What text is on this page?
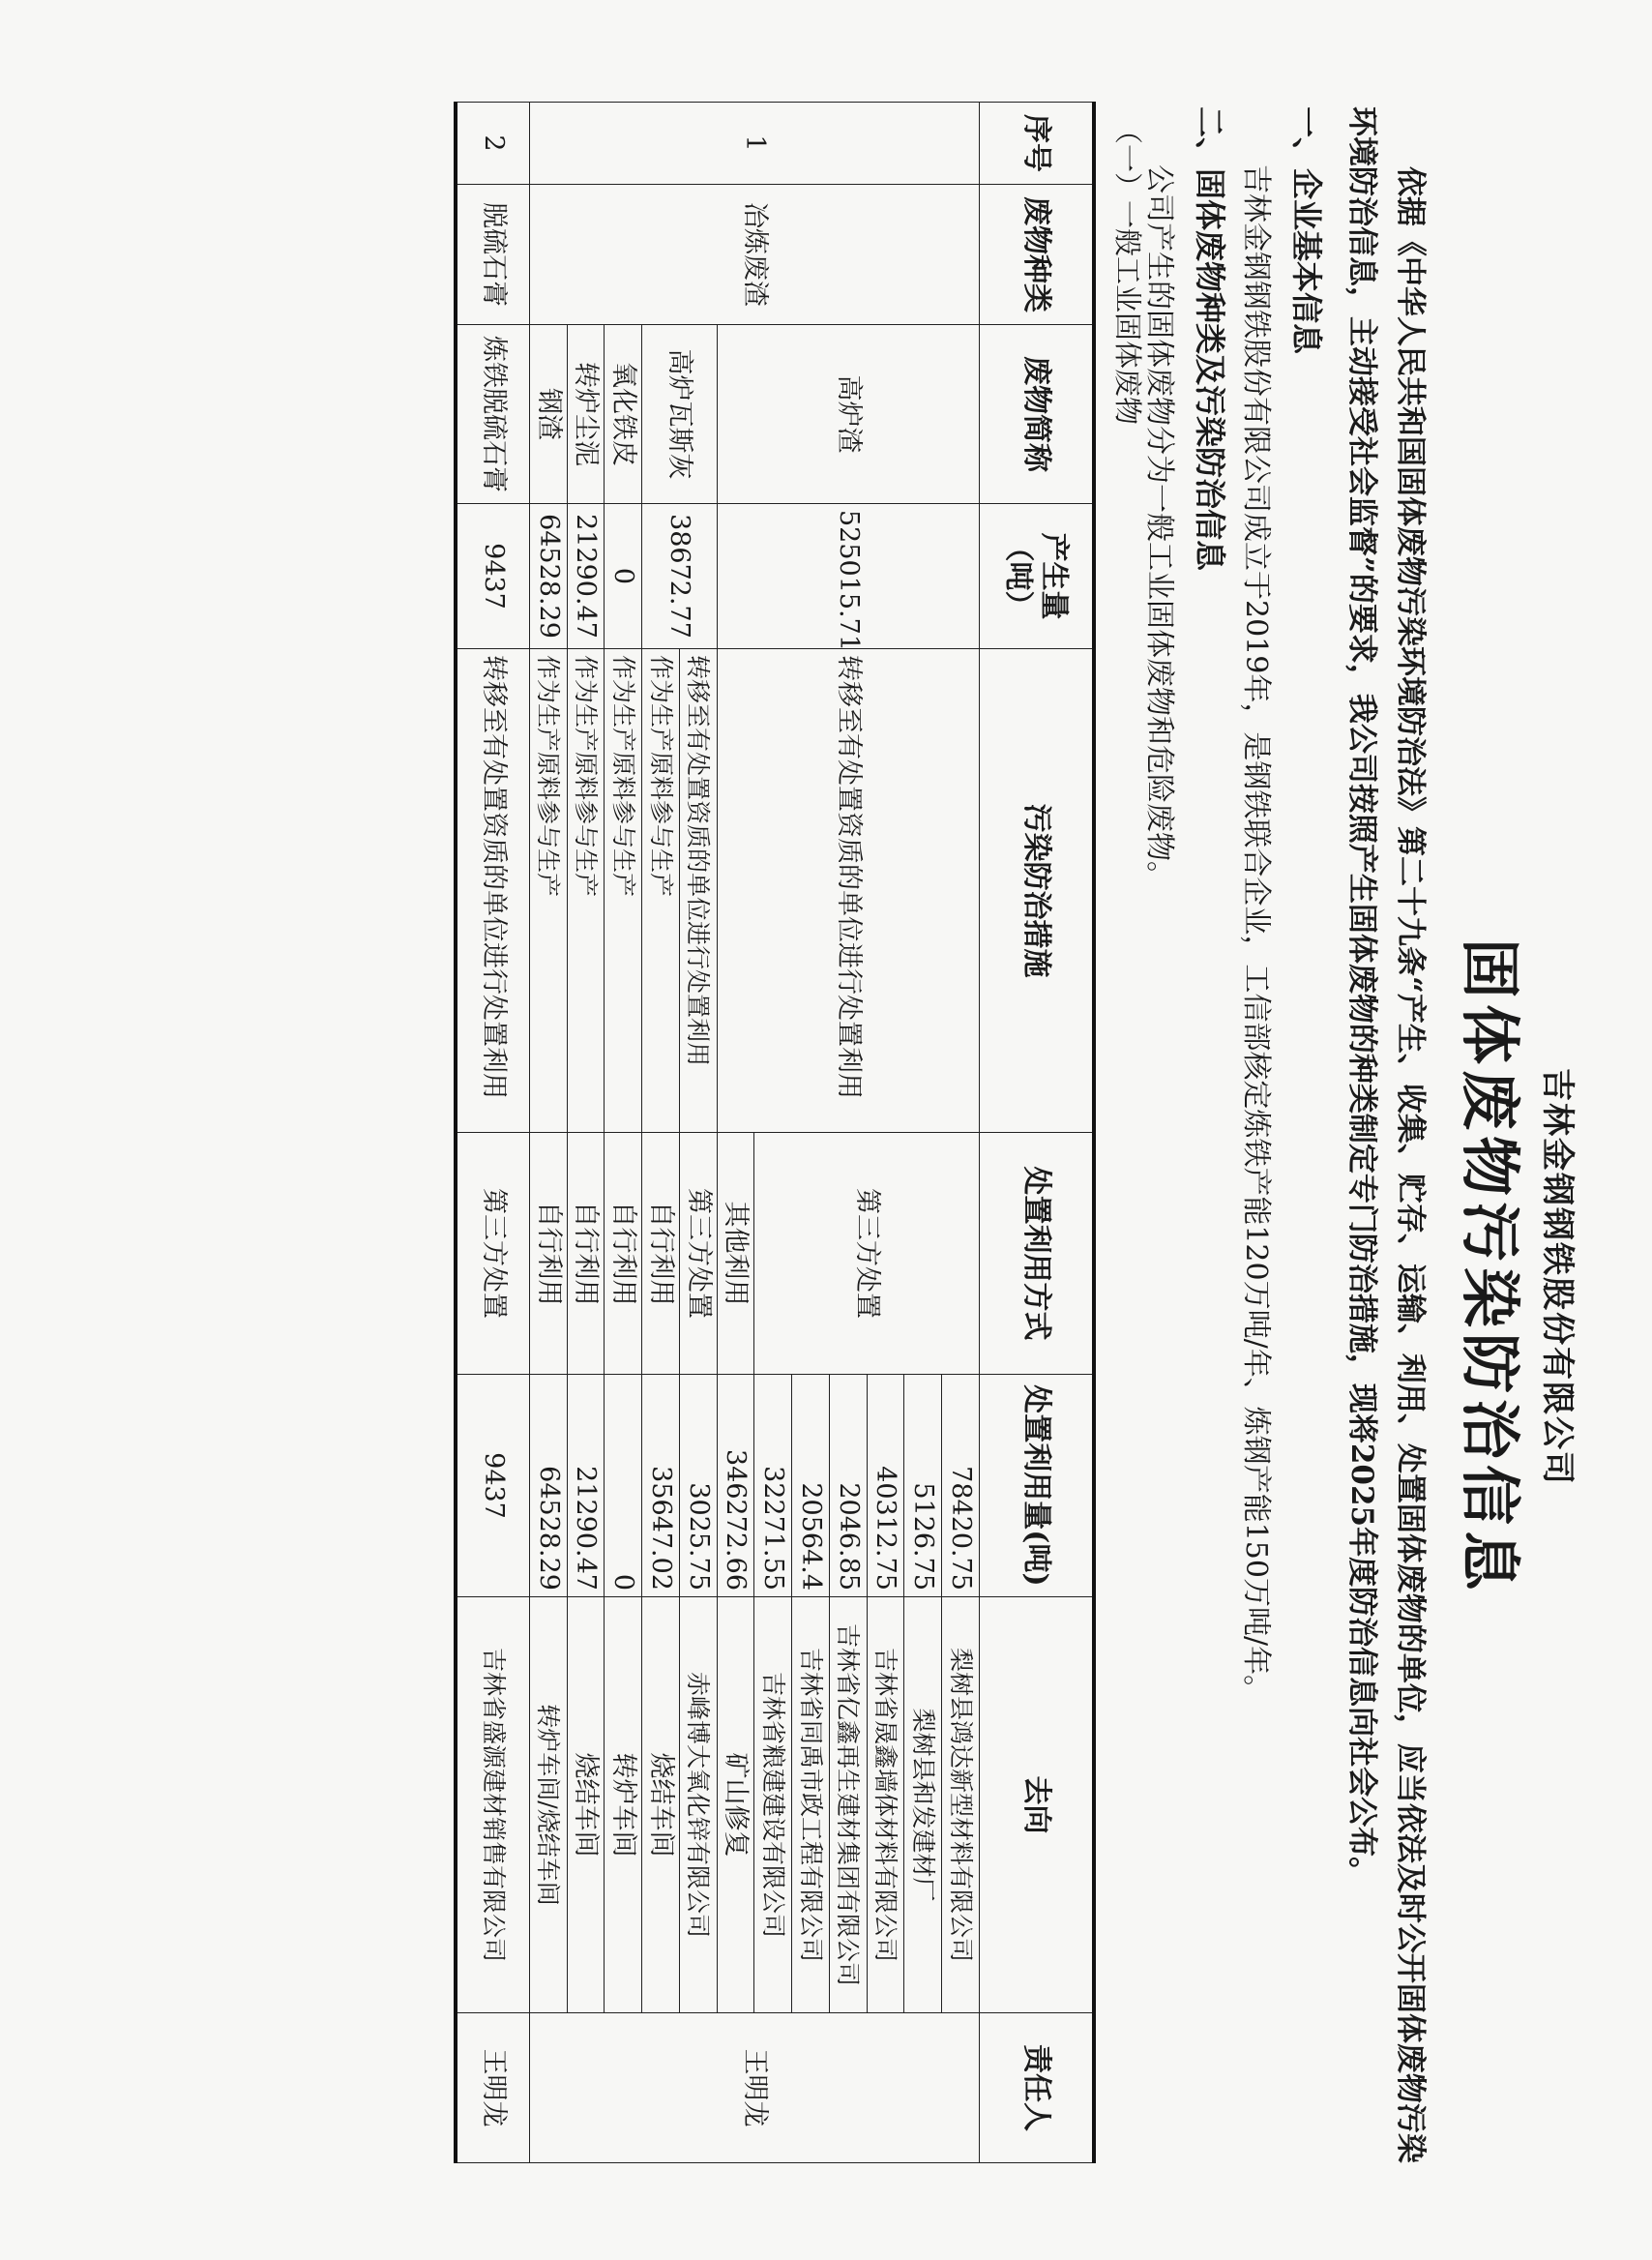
吉林金钢钢铁股份有限公司
固体废物污染防治信息
依据《中华人民共和国固体废物污染环境防治法》第二十九条“产生、收集、贮存、运输、利用、处置固体废物的单位，应当依法及时公开固体废物污染环境防治信息，主动接受社会监督”的要求，我公司按照产生固体废物的种类制定专门防治措施，现将2025年度防治信息向社会公布。
一、企业基本信息
吉林金钢钢铁股份有限公司成立于2019年，是钢铁联合企业，工信部核定炼铁产能120万吨/年、炼钢产能150万吨/年。
二、固体废物种类及污染防治信息
公司产生的固体废物分为一般工业固体废物和危险废物。
（一）一般工业固体废物
序号	废物种类	废物简称	产生量（吨）	污染防治措施	处置利用方式	处置利用量(吨)	去向	责任人
1	冶炼废渣	高炉渣	525015.71	转移至有处置资质的单位进行处置利用	第三方处置	78420.75	梨树县鸿达新型材料有限公司	王明龙
						5126.75	梨树县和发建材厂	
						40312.75	吉林省晟鑫墙体材料有限公司	
						2046.85	吉林省亿鑫再生建材集团有限公司	
						20564.4	吉林省同禹市政工程有限公司	
						32271.55	吉林省粮建建设有限公司	
					其他利用	346272.66	矿山修复	
		高炉瓦斯灰	38672.77	转移至有处置资质的单位进行处置利用	第三方处置	3025.75	赤峰博大氧化锌有限公司	
				作为生产原料参与生产	自行利用	35647.02	烧结车间	
		氧化铁皮	0	作为生产原料参与生产	自行利用	0	转炉车间	
		转炉尘泥	21290.47	作为生产原料参与生产	自行利用	21290.47	烧结车间	
		钢渣	64528.29	作为生产原料参与生产	自行利用	64528.29	转炉车间/烧结车间	
2	脱硫石膏	炼铁脱硫石膏	9437	转移至有处置资质的单位进行处置利用	第三方处置	9437	吉林省盛源建材销售有限公司	王明龙
